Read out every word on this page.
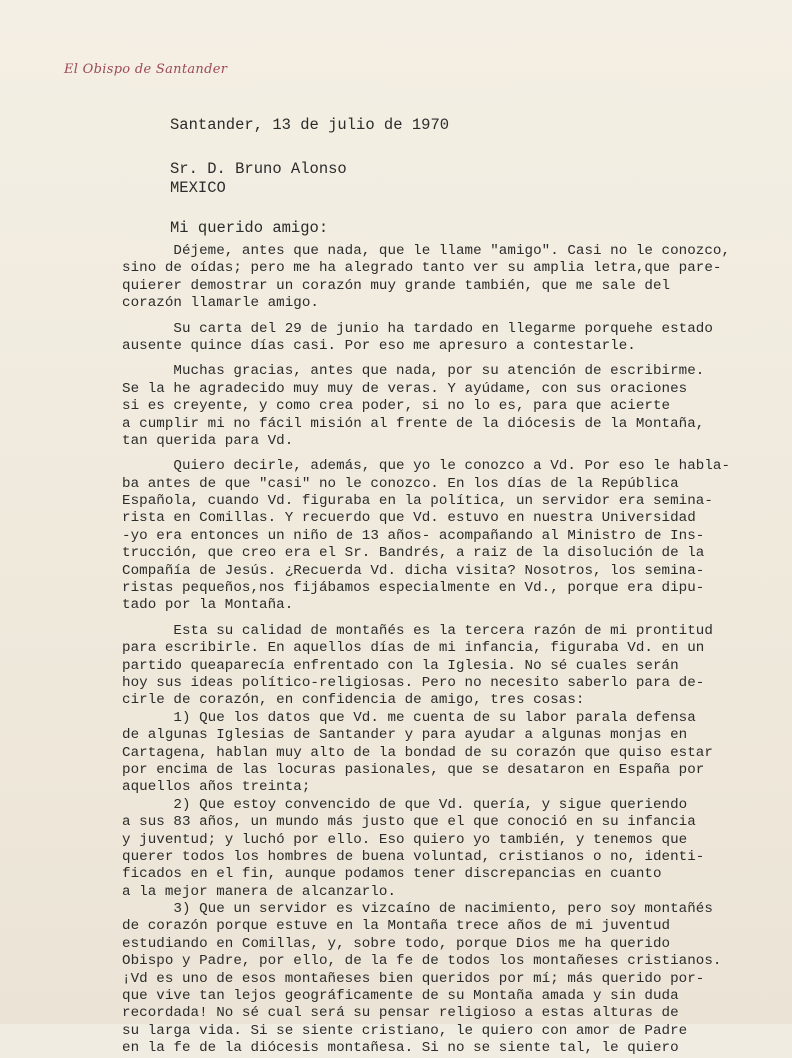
El Obispo de Santander
Santander, 13 de julio de 1970
Sr. D. Bruno Alonso
MEXICO
Mi querido amigo:
Déjeme, antes que nada, que le llame "amigo". Casi no le conozco,
sino de oídas; pero me ha alegrado tanto ver su amplia letra,que pare-
quierer demostrar un corazón muy grande también, que me sale del
corazón llamarle amigo.
Su carta del 29 de junio ha tardado en llegarme porquehe estado
ausente quince días casi. Por eso me apresuro a contestarle.
Muchas gracias, antes que nada, por su atención de escribirme.
Se la he agradecido muy muy de veras. Y ayúdame, con sus oraciones
si es creyente, y como crea poder, si no lo es, para que acierte
a cumplir mi no fácil misión al frente de la diócesis de la Montaña,
tan querida para Vd.
Quiero decirle, además, que yo le conozco a Vd. Por eso le habla-
ba antes de que "casi" no le conozco. En los días de la República
Española, cuando Vd. figuraba en la política, un servidor era semina-
rista en Comillas. Y recuerdo que Vd. estuvo en nuestra Universidad
-yo era entonces un niño de 13 años- acompañando al Ministro de Ins-
trucción, que creo era el Sr. Bandrés, a raiz de la disolución de la
Compañía de Jesús. ¿Recuerda Vd. dicha visita? Nosotros, los semina-
ristas pequeños,nos fijábamos especialmente en Vd., porque era dipu-
tado por la Montaña.
Esta su calidad de montañés es la tercera razón de mi prontitud
para escribirle. En aquellos días de mi infancia, figuraba Vd. en un
partido queaparecía enfrentado con la Iglesia. No sé cuales serán
hoy sus ideas político-religiosas. Pero no necesito saberlo para de-
cirle de corazón, en confidencia de amigo, tres cosas:
1) Que los datos que Vd. me cuenta de su labor parala defensa
de algunas Iglesias de Santander y para ayudar a algunas monjas en
Cartagena, hablan muy alto de la bondad de su corazón que quiso estar
por encima de las locuras pasionales, que se desataron en España por
aquellos años treinta;
2) Que estoy convencido de que Vd. quería, y sigue queriendo
a sus 83 años, un mundo más justo que el que conoció en su infancia
y juventud; y luchó por ello. Eso quiero yo también, y tenemos que
querer todos los hombres de buena voluntad, cristianos o no, identi-
ficados en el fin, aunque podamos tener discrepancias en cuanto
a la mejor manera de alcanzarlo.
3) Que un servidor es vizcaíno de nacimiento, pero soy montañés
de corazón porque estuve en la Montaña trece años de mi juventud
estudiando en Comillas, y, sobre todo, porque Dios me ha querido
Obispo y Padre, por ello, de la fe de todos los montañeses cristianos.
¡Vd es uno de esos montañeses bien queridos por mí; más querido por-
que vive tan lejos geográficamente de su Montaña amada y sin duda
recordada! No sé cual será su pensar religioso a estas alturas de
su larga vida. Si se siente cristiano, le quiero con amor de Padre
en la fe de la diócesis montañesa. Si no se siente tal, le quiero
